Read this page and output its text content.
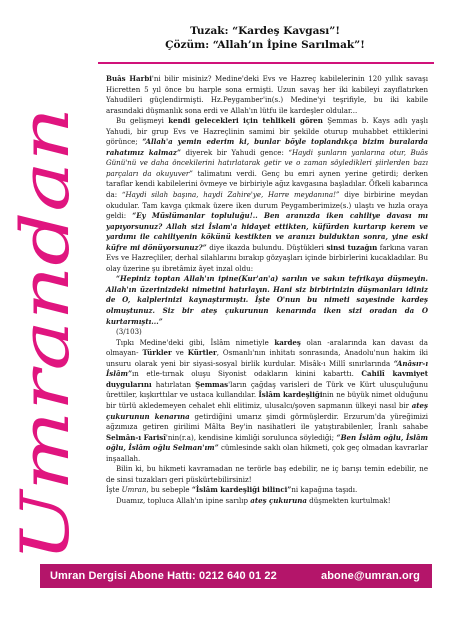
Umrandan
Tuzak: “Kardeş Kavgası”!
Çözüm: “Allah’ın İpine Sarılmak”!

Buâs Harbi'ni bilir misiniz? Medine'deki Evs ve Hazreç kabilelerinin 120 yıllık savaşı Hicretten 5 yıl önce bu harple sona ermişti. Uzun savaş her iki kabileyi zayıflatırken Yahudileri güçlendirmişti. Hz.Peygamber'in(s.) Medine'yi teşrifiyle, bu iki kabile arasındaki düşmanlık sona erdi ve Allah'ın lütfu ile kardeşler oldular...

Bu gelişmeyi kendi gelecekleri için tehlikeli gören Şemmas b. Kays adlı yaşlı Yahudi, bir grup Evs ve Hazreçlinin samimi bir şekilde oturup muhabbet ettiklerini görünce; “Allah'a yemin ederim ki, bunlar böyle toplandıkça bizim buralarda rahatımız kalmaz” diyerek bir Yahudi gence: “Haydi şunların yanlarına otur, Buâs Günü'nü ve daha öncekilerini hatırlatarak getir ve o zaman söyledikleri şiirlerden bazı parçaları da okuyuver” talimatını verdi. Genç bu emri aynen yerine getirdi; derken taraflar kendi kabilelerini övmeye ve birbiriyle ağız kavgasına başladılar. Öfkeli kabarınca da: “Haydi silah başına, haydi Zahire'ye, Harre meydanına!” diye birbirine meydan okudular. Tam kavga çıkmak üzere iken durum Peygamberimize(s.) ulaştı ve hızla oraya geldi: “Ey Müslümanlar topluluğu!.. Ben aranızda iken cahiliye davası mı yapıyorsunuz? Allah sizi İslam'a hidayet ettikten, küfürden kurtarıp kerem ve yardımı ile cahiliyenin kökünü kestikten ve aranızı bulduktan sonra, yine eski küfre mi dönüyorsunuz?” diye ikazda bulundu. Düştükleri sinsi tuzağın farkına varan Evs ve Hazreçliler, derhal silahlarını bırakıp gözyaşları içinde birbirlerini kucakladılar. Bu olay üzerine şu ibretâmiz âyet inzal oldu:

“Hepiniz toptan Allah'ın ipine(Kur'an'a) sarılın ve sakın tefrikaya düşmeyin. Allah'ın üzerinizdeki nimetini hatırlayın. Hani siz birbirinizin düşmanları idiniz de O, kalplerinizi kaynaştırmıştı. İşte O'nun bu nimeti sayesinde kardeş olmuştunuz. Siz bir ateş çukurunun kenarında iken sizi oradan da O kurtarmıştı...”

(3/103)

Tıpkı Medine'deki gibi, İslâm nimetiyle kardeş olan -aralarında kan davası da olmayan- Türkler ve Kürtler, Osmanlı'nın inhitatı sonrasında, Anadolu'nun hakim iki unsuru olarak yeni bir siyasi-sosyal birlik kurdular. Misâk-ı Millî sınırlarında “Anâsır-ı İslâm”ın etle-tırnak oluşu Siyonist odakların kinini kabarttı. Cahilî kavmiyet duygularını hatırlatan Şemmas'ların çağdaş varisleri de Türk ve Kürt ulusçuluğunu ürettiler, kışkırttılar ve ustaca kullandılar. İslâm kardeşliğinin ne büyük nimet olduğunu bir türlü akledemeyen cehalet ehli elitimiz, ulusalcı/şoven sapmanın ülkeyi nasıl bir ateş çukurunun kenarına getirdiğini umarız şimdi görmüşlerdir. Erzurum'da yüreğimizi ağzımıza getiren girilimi Mâlta Bey'in nasihatleri ile yatıştırabilenler, İranlı sahabe Selmân-ı Farisî'nin(r.a), kendisine kimliği sorulunca söylediği; “Ben İslâm oğlu, İslâm oğlu, İslâm oğlu Selman'ım” cümlesinde saklı olan hikmeti, çok geç olmadan kavrarlar inşaallah.

Bilin ki, bu hikmeti kavramadan ne terörle baş edebilir, ne iç barışı temin edebilir, ne de sinsi tuzakları geri püskürtebilirsiniz!

İşte Umran, bu sebeple “İslâm kardeşliği bilinci”ni kapağına taşıdı.

Duamız, topluca Allah'ın ipine sarılıp ateş çukuruna düşmekten kurtulmak!

Umran Dergisi Abone Hattı: 0212 640 01 22	abone@umran.org
